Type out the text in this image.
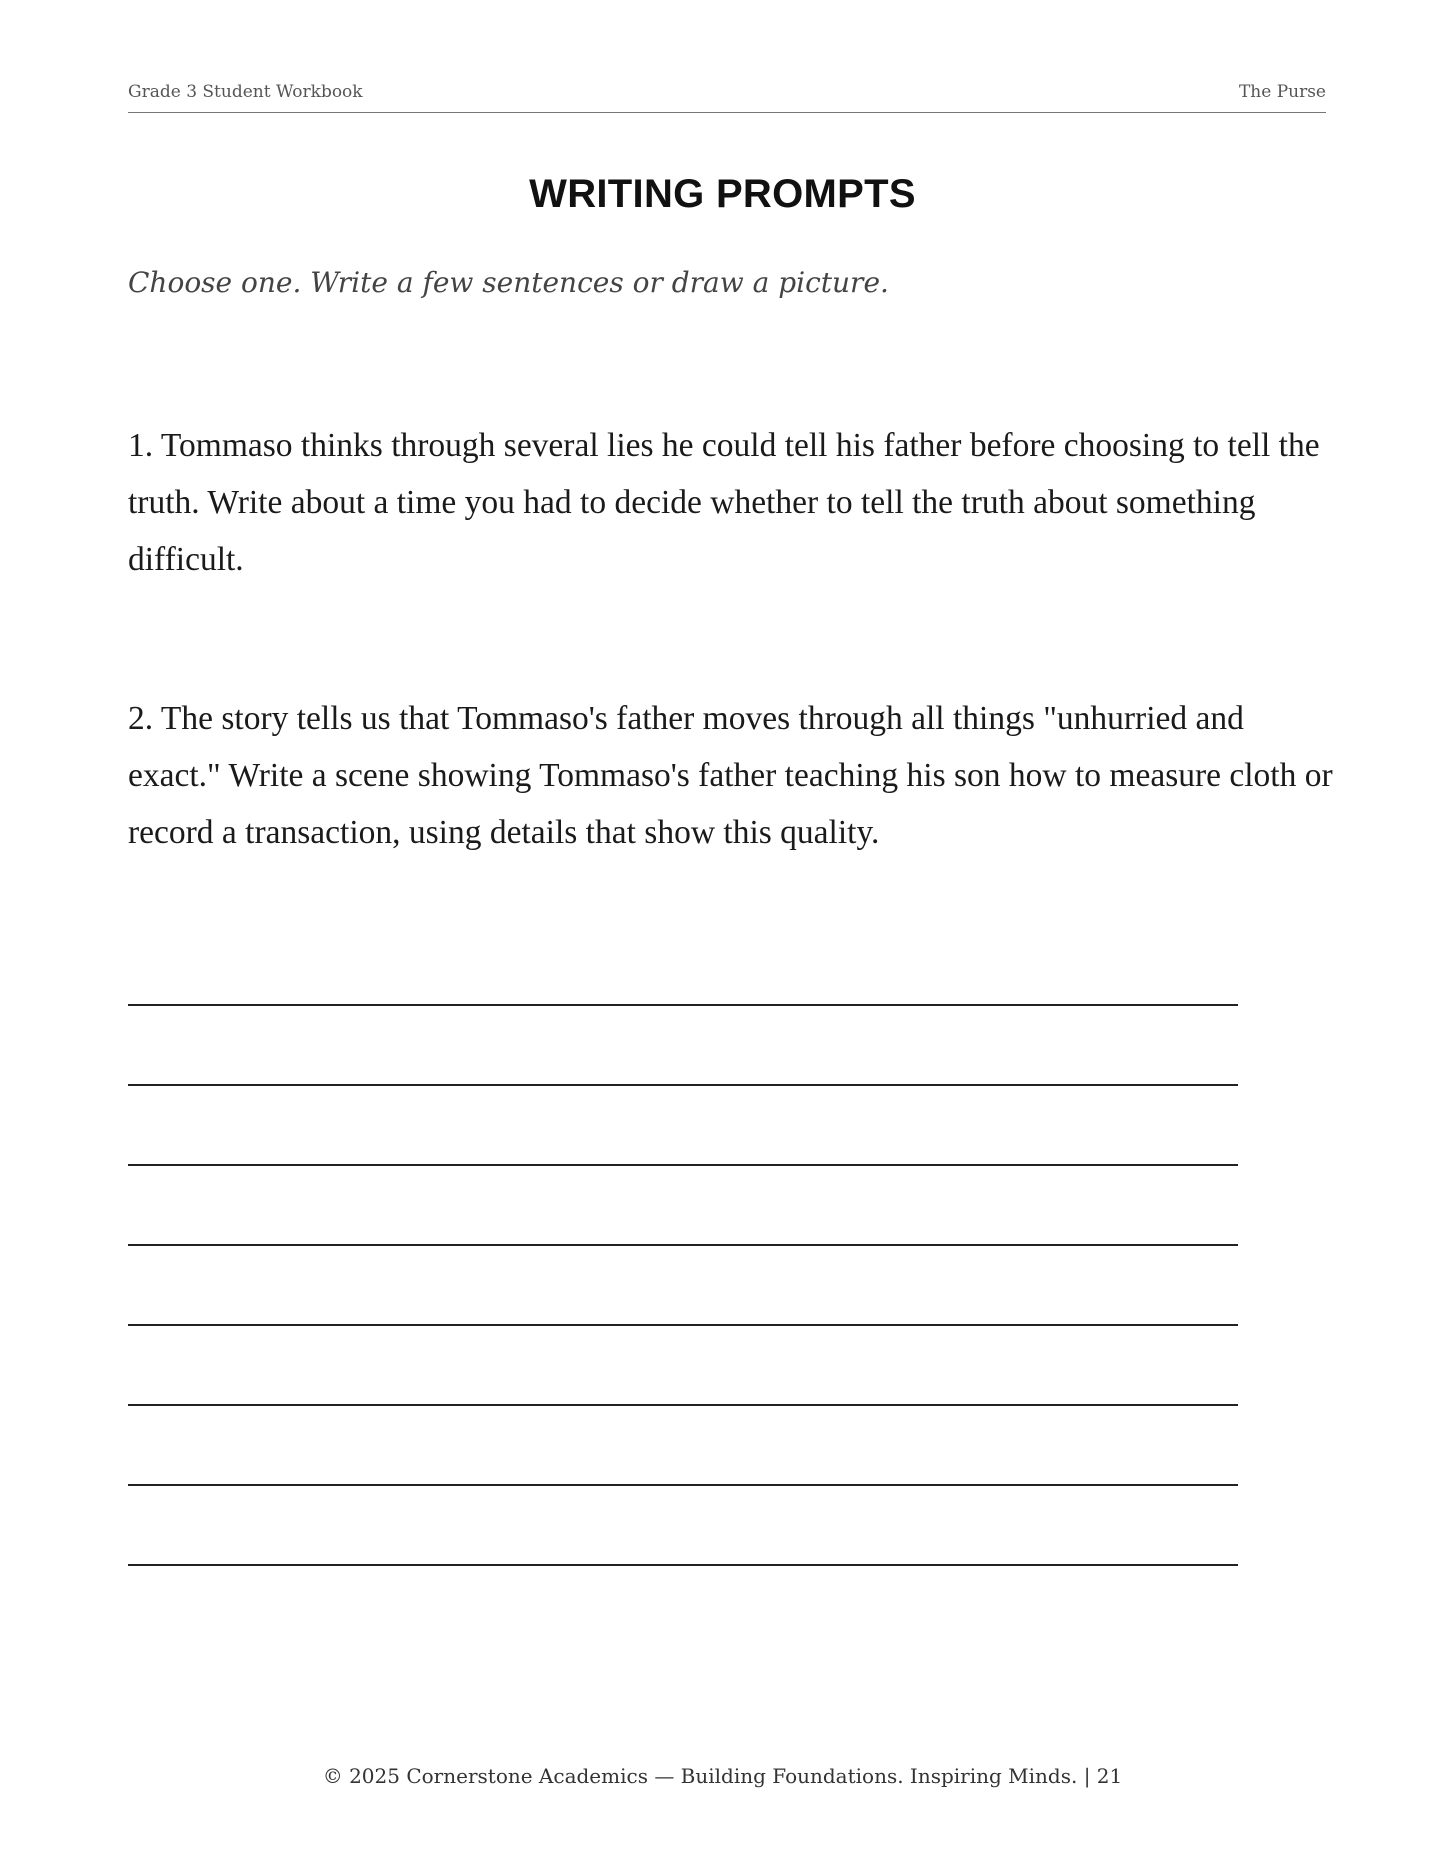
Grade 3 Student Workbook	The Purse
WRITING PROMPTS
Choose one. Write a few sentences or draw a picture.
1. Tommaso thinks through several lies he could tell his father before choosing to tell the truth. Write about a time you had to decide whether to tell the truth about something difficult.
2. The story tells us that Tommaso's father moves through all things "unhurried and exact." Write a scene showing Tommaso's father teaching his son how to measure cloth or record a transaction, using details that show this quality.
© 2025 Cornerstone Academics — Building Foundations. Inspiring Minds. | 21
